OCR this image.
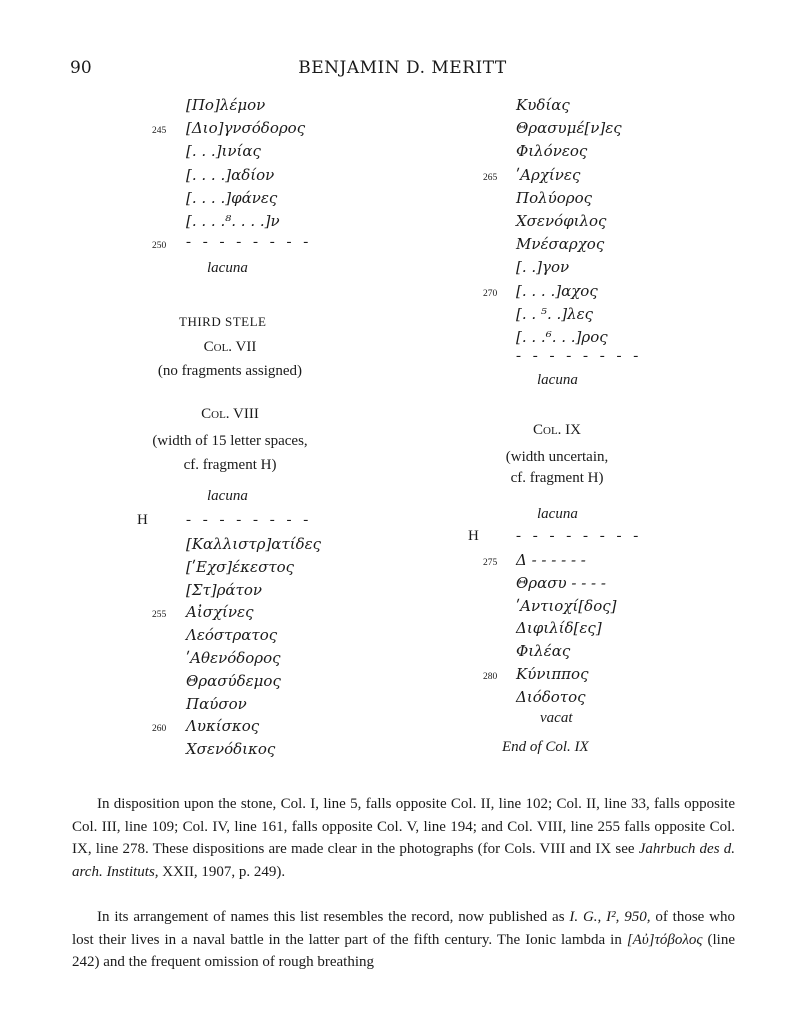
90	BENJAMIN D. MERITT
[Πο]λέμον
245 [Διο]γνσόδορος
[. . .]ινίας
[. . . .]αδίον
[. . . .]φάνες
[. . . .⁸. . . .]ν
250 - - - - - - - -
lacuna
THIRD STELE
Col. VII
(no fragments assigned)
Col. VIII
(width of 15 letter spaces,
cf. fragment H)
lacuna
H	- - - - - - - -
[Καλλιστρ]ατίδες
[ʹΕχσ]έκεστος
[Στ]ράτον
255 Αἰσχίνες
Λεόστρατος
ʹΑθενόδορος
Θρασύδεμος
Παύσον
260 Λυκίσκος
Χσενόδικος
Κυδίας
Θρασυμέ[ν]ες
Φιλόνεος
265 ʹΑρχίνες
Πολύορος
Χσενόφιλος
Μνέσαρχος
[. .]γον
270 [. . . .]αχος
[. . ⁵. .]λες
[. . .⁶. . .]ρος
- - - - - - - -
lacuna
Col. IX
(width uncertain,
cf. fragment H)
lacuna
H - - - - - - - -
275 Δ - - - - - -
Θρασυ - - - -
ʹΑντιοχί[δος]
Διφιλίδ[ες]
Φιλέας
280 Κύνιππος
Διόδοτος
vacat
End of Col. IX
In disposition upon the stone, Col. I, line 5, falls opposite Col. II, line 102; Col. II, line 33, falls opposite Col. III, line 109; Col. IV, line 161, falls opposite Col. V, line 194; and Col. VIII, line 255 falls opposite Col. IX, line 278. These dispositions are made clear in the photographs (for Cols. VIII and IX see Jahrbuch des d. arch. Instituts, XXII, 1907, p. 249).
In its arrangement of names this list resembles the record, now published as I. G., I², 950, of those who lost their lives in a naval battle in the latter part of the fifth century. The Ionic lambda in [Αὐ]τόβολος (line 242) and the frequent omission of rough breathing
